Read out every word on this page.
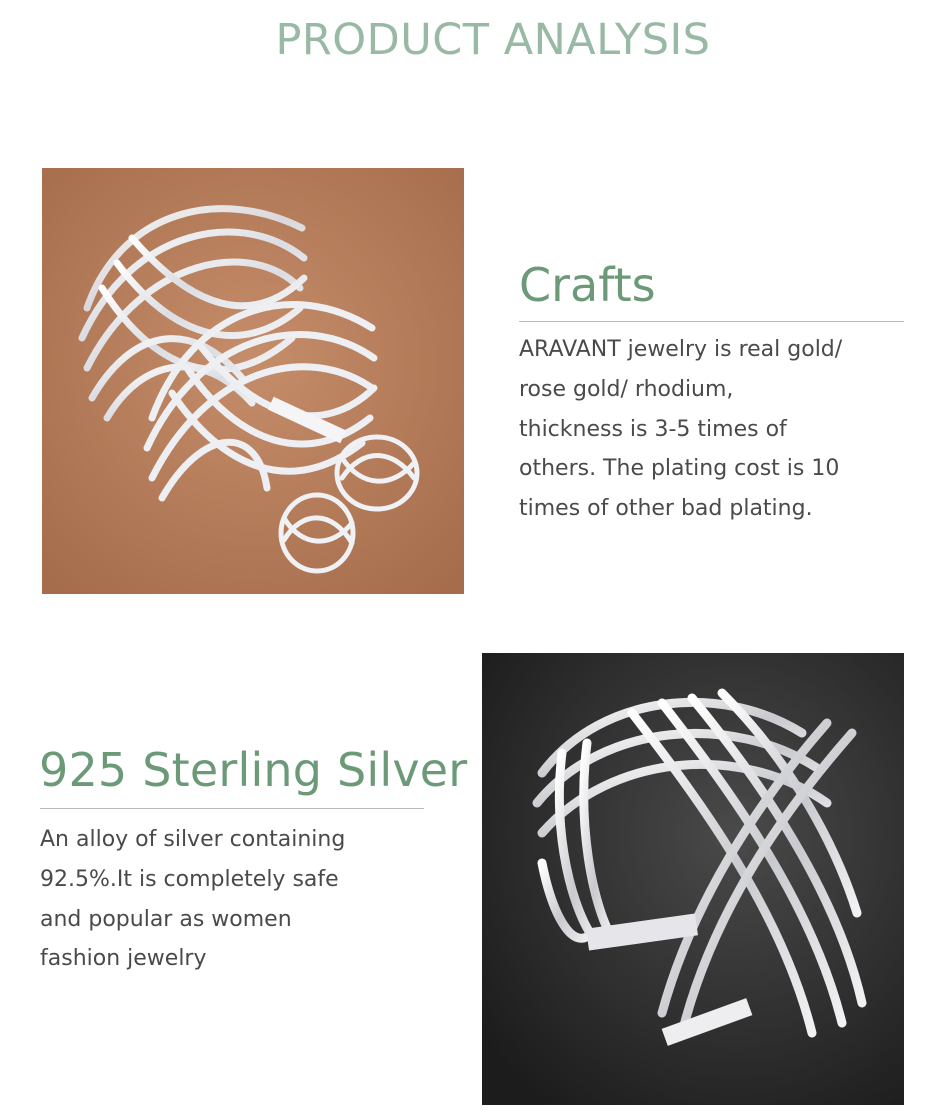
PRODUCT ANALYSIS
Crafts

ARAVANT jewelry is real gold/
rose gold/ rhodium,
thickness is 3-5 times of
others. The plating cost is 10
times of other bad plating.

925 Sterling Silver

An alloy of silver containing
92.5%.It is completely safe
and popular as women
fashion jewelry
